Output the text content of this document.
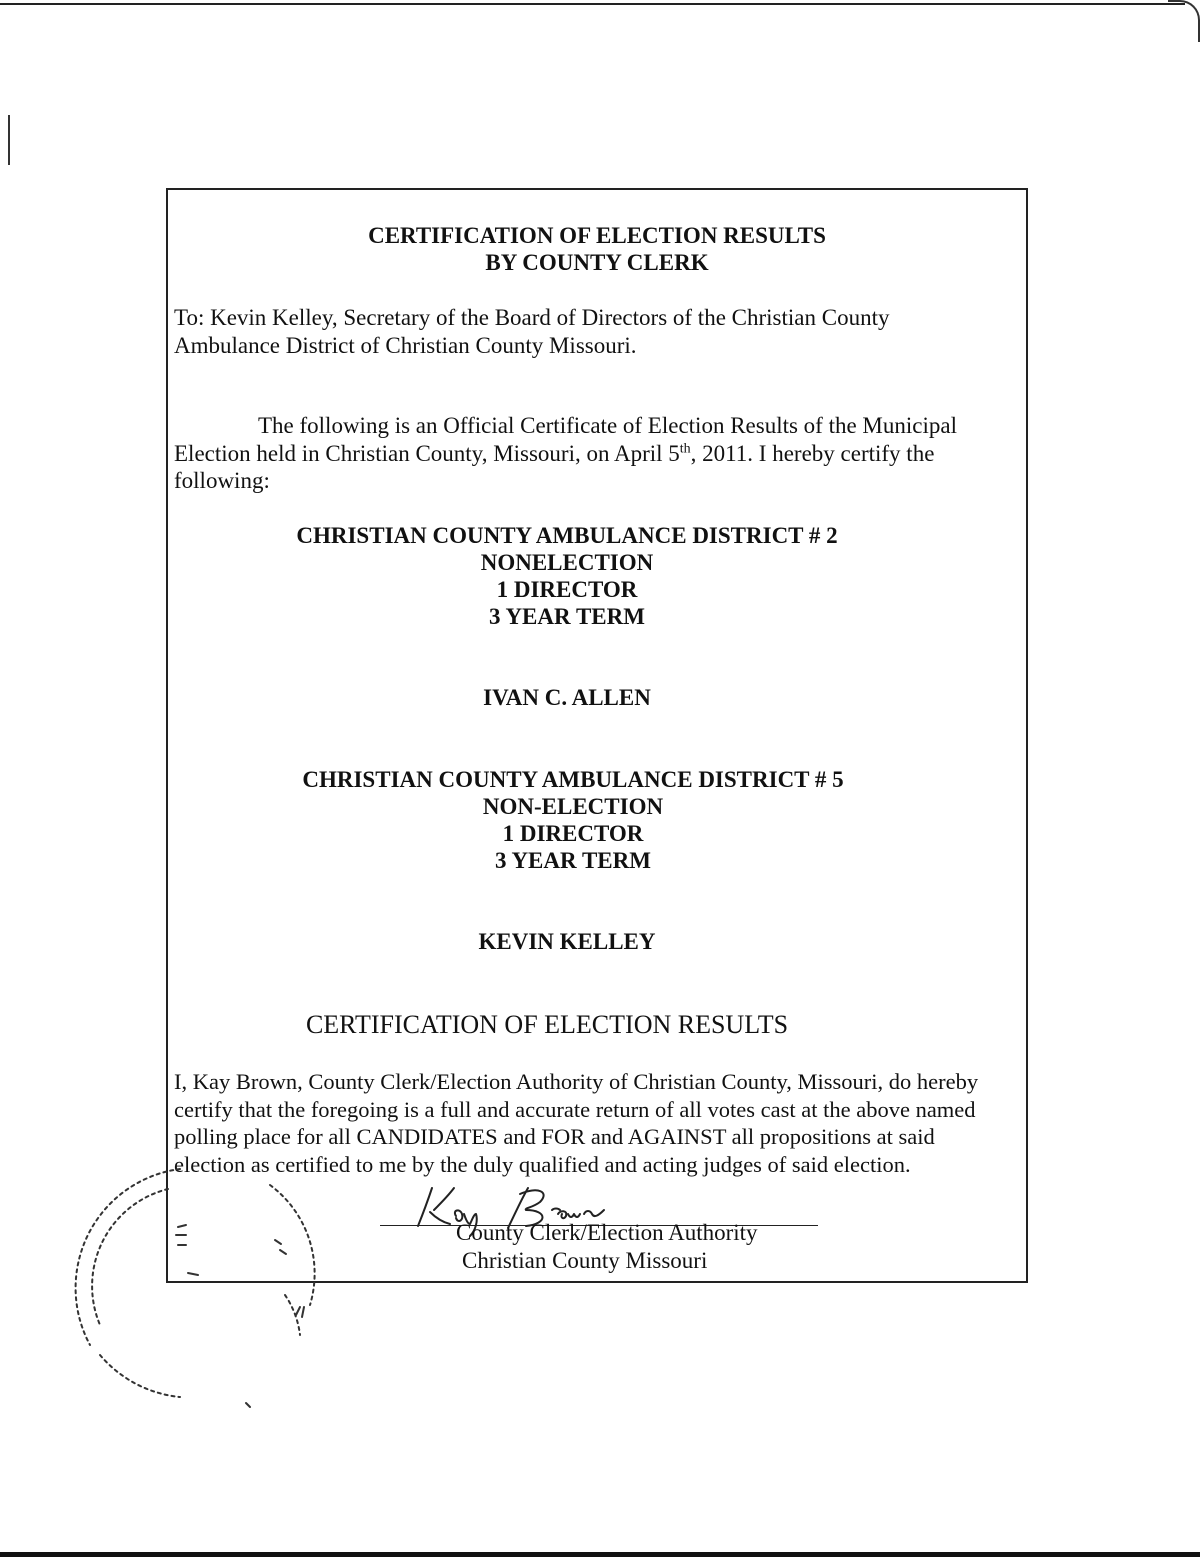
CERTIFICATION OF ELECTION RESULTS
BY COUNTY CLERK
To: Kevin Kelley, Secretary of the Board of Directors of the Christian County
Ambulance District of Christian County Missouri.
The following is an Official Certificate of Election Results of the Municipal
Election held in Christian County, Missouri, on April 5th, 2011. I hereby certify the
following:
CHRISTIAN COUNTY AMBULANCE DISTRICT # 2
NONELECTION
1 DIRECTOR
3 YEAR TERM
IVAN C. ALLEN
CHRISTIAN COUNTY AMBULANCE DISTRICT # 5
NON-ELECTION
1 DIRECTOR
3 YEAR TERM
KEVIN KELLEY
CERTIFICATION OF ELECTION RESULTS
I, Kay Brown, County Clerk/Election Authority of Christian County, Missouri, do hereby
certify that the foregoing is a full and accurate return of all votes cast at the above named
polling place for all CANDIDATES and FOR and AGAINST all propositions at said
election as certified to me by the duly qualified and acting judges of said election.
County Clerk/Election Authority
Christian County Missouri
